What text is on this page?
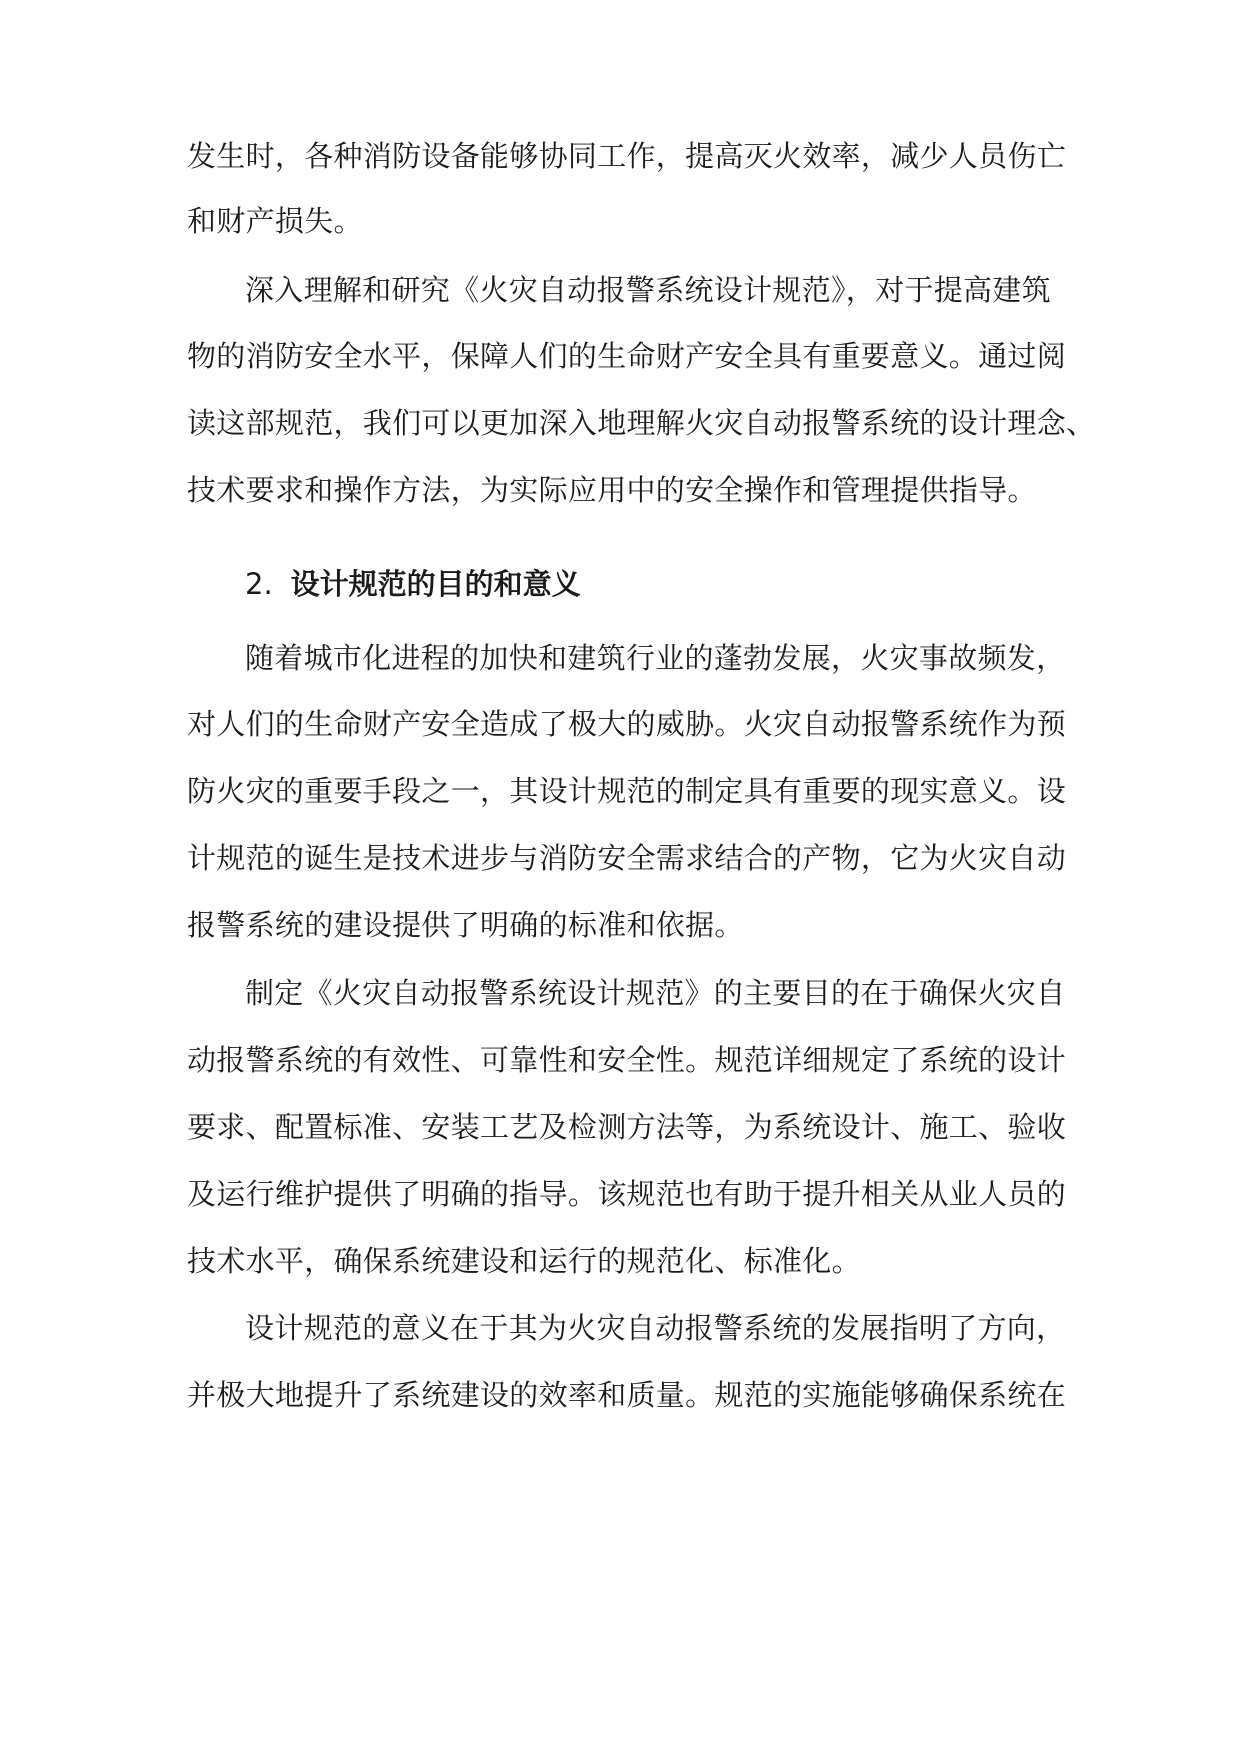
发生时，各种消防设备能够协同工作，提高灭火效率，减少人员伤亡
和财产损失。
深入理解和研究《火灾自动报警系统设计规范》，对于提高建筑
物的消防安全水平，保障人们的生命财产安全具有重要意义。通过阅
读这部规范，我们可以更加深入地理解火灾自动报警系统的设计理念、
技术要求和操作方法，为实际应用中的安全操作和管理提供指导。
2. 设计规范的目的和意义
随着城市化进程的加快和建筑行业的蓬勃发展，火灾事故频发，
对人们的生命财产安全造成了极大的威胁。火灾自动报警系统作为预
防火灾的重要手段之一，其设计规范的制定具有重要的现实意义。设
计规范的诞生是技术进步与消防安全需求结合的产物，它为火灾自动
报警系统的建设提供了明确的标准和依据。
制定《火灾自动报警系统设计规范》的主要目的在于确保火灾自
动报警系统的有效性、可靠性和安全性。规范详细规定了系统的设计
要求、配置标准、安装工艺及检测方法等，为系统设计、施工、验收
及运行维护提供了明确的指导。该规范也有助于提升相关从业人员的
技术水平，确保系统建设和运行的规范化、标准化。
设计规范的意义在于其为火灾自动报警系统的发展指明了方向，
并极大地提升了系统建设的效率和质量。规范的实施能够确保系统在
